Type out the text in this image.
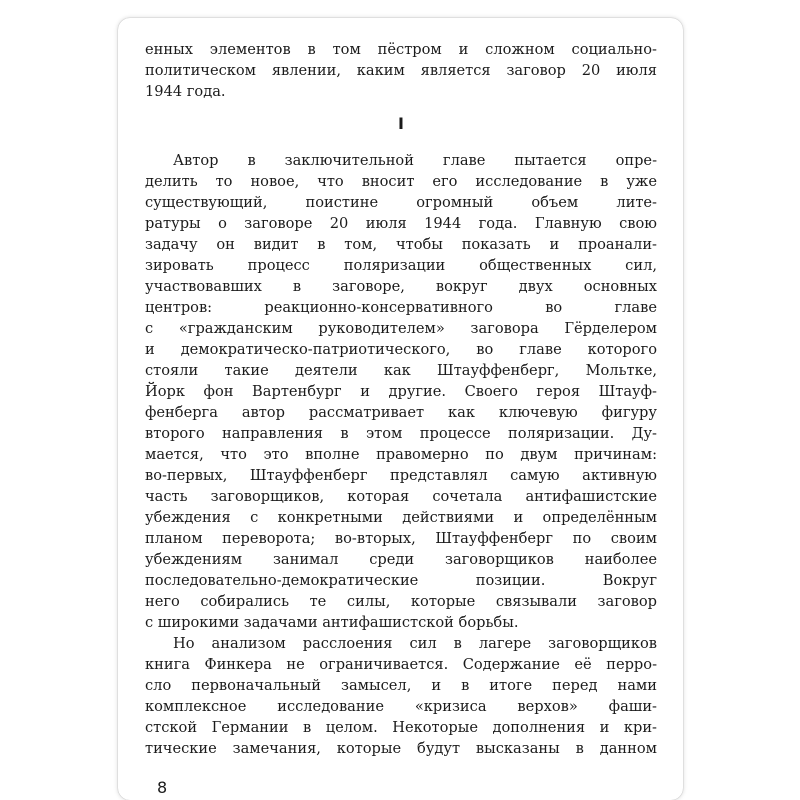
енных элементов в том пёстром и сложном социально-
политическом явлении, каким является заговор 20 июля
1944 года.
I
Автор в заключительной главе пытается опре-
делить то новое, что вносит его исследование в уже
существующий, поистине огромный объем лите-
ратуры о заговоре 20 июля 1944 года. Главную свою
задачу он видит в том, чтобы показать и проанали-
зировать процесс поляризации общественных сил,
участвовавших в заговоре, вокруг двух основных
центров: реакционно-консервативного во главе
с «гражданским руководителем» заговора Гёрделером
и демократическо-патриотического, во главе которого
стояли такие деятели как Штауффенберг, Мольтке,
Йорк фон Вартенбург и другие. Своего героя Штауф-
фенберга автор рассматривает как ключевую фигуру
второго направления в этом процессе поляризации. Ду-
мается, что это вполне правомерно по двум причинам:
во-первых, Штауффенберг представлял самую активную
часть заговорщиков, которая сочетала антифашистские
убеждения с конкретными действиями и определённым
планом переворота; во-вторых, Штауффенберг по своим
убеждениям занимал среди заговорщиков наиболее
последовательно-демократические позиции. Вокруг
него собирались те силы, которые связывали заговор
с широкими задачами антифашистской борьбы.
Но анализом расслоения сил в лагере заговорщиков
книга Финкера не ограничивается. Содержание её перро-
сло первоначальный замысел, и в итоге перед нами
комплексное исследование «кризиса верхов» фаши-
стской Германии в целом. Некоторые дополнения и кри-
тические замечания, которые будут высказаны в данном
8
